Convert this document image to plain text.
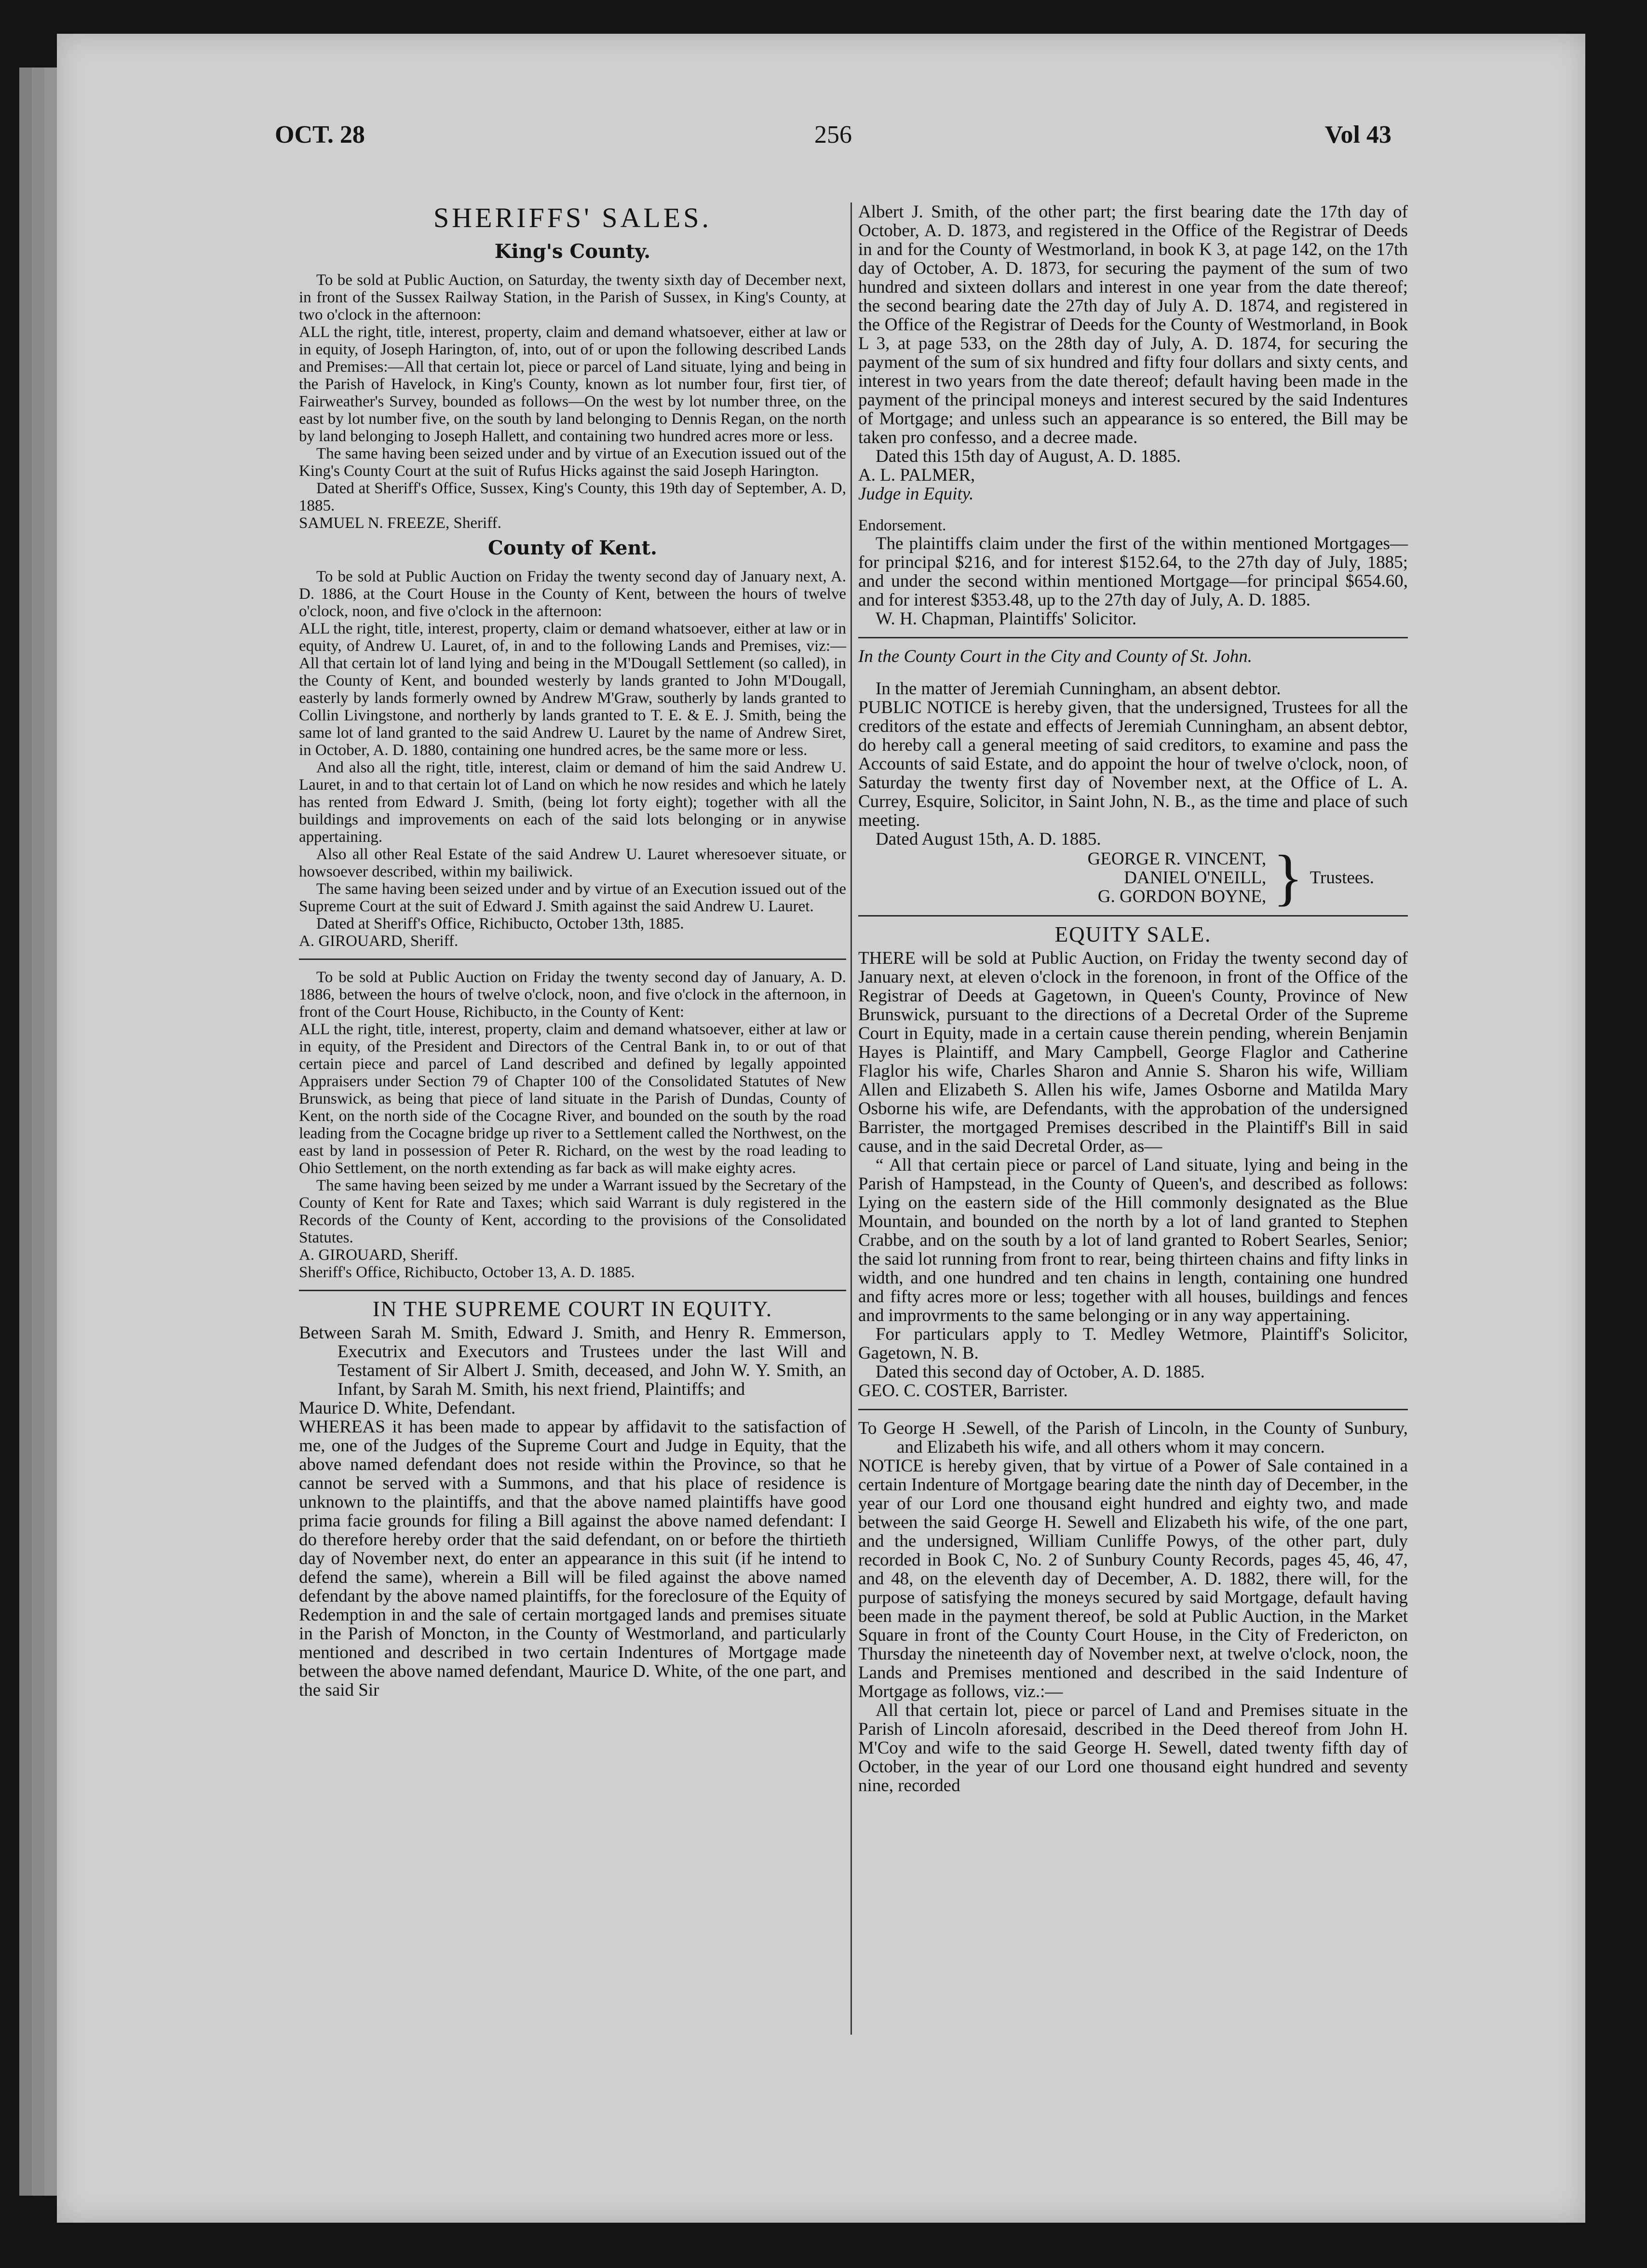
OCT. 28	256	Vol 43
SHERIFFS' SALES.
King's County.

To be sold at Public Auction, on Saturday, the twenty sixth day of December next, in front of the Sussex Railway Station, in the Parish of Sussex, in King's County, at two o'clock in the afternoon:

ALL the right, title, interest, property, claim and demand whatsoever, either at law or in equity, of Joseph Harington, of, into, out of or upon the following described Lands and Premises:—All that certain lot, piece or parcel of Land situate, lying and being in the Parish of Havelock, in King's County, known as lot number four, first tier, of Fairweather's Survey, bounded as follows—On the west by lot number three, on the east by lot number five, on the south by land belonging to Dennis Regan, on the north by land belonging to Joseph Hallett, and containing two hundred acres more or less.

The same having been seized under and by virtue of an Execution issued out of the King's County Court at the suit of Rufus Hicks against the said Joseph Harington.

Dated at Sheriff's Office, Sussex, King's County, this 19th day of September, A. D, 1885.

SAMUEL N. FREEZE, Sheriff.

County of Kent.

To be sold at Public Auction on Friday the twenty second day of January next, A. D. 1886, at the Court House in the County of Kent, between the hours of twelve o'clock, noon, and five o'clock in the afternoon:

ALL the right, title, interest, property, claim or demand whatsoever, either at law or in equity, of Andrew U. Lauret, of, in and to the following Lands and Premises, viz:—All that certain lot of land lying and being in the M'Dougall Settlement (so called), in the County of Kent, and bounded westerly by lands granted to John M'Dougall, easterly by lands formerly owned by Andrew M'Graw, southerly by lands granted to Collin Livingstone, and northerly by lands granted to T. E. & E. J. Smith, being the same lot of land granted to the said Andrew U. Lauret by the name of Andrew Siret, in October, A. D. 1880, containing one hundred acres, be the same more or less.

And also all the right, title, interest, claim or demand of him the said Andrew U. Lauret, in and to that certain lot of Land on which he now resides and which he lately has rented from Edward J. Smith, (being lot forty eight); together with all the buildings and improvements on each of the said lots belonging or in anywise appertaining.

Also all other Real Estate of the said Andrew U. Lauret wheresoever situate, or howsoever described, within my bailiwick.

The same having been seized under and by virtue of an Execution issued out of the Supreme Court at the suit of Edward J. Smith against the said Andrew U. Lauret.

Dated at Sheriff's Office, Richibucto, October 13th, 1885.

A. GIROUARD, Sheriff.

To be sold at Public Auction on Friday the twenty second day of January, A. D. 1886, between the hours of twelve o'clock, noon, and five o'clock in the afternoon, in front of the Court House, Richibucto, in the County of Kent:

ALL the right, title, interest, property, claim and demand whatsoever, either at law or in equity, of the President and Directors of the Central Bank in, to or out of that certain piece and parcel of Land described and defined by legally appointed Appraisers under Section 79 of Chapter 100 of the Consolidated Statutes of New Brunswick, as being that piece of land situate in the Parish of Dundas, County of Kent, on the north side of the Cocagne River, and bounded on the south by the road leading from the Cocagne bridge up river to a Settlement called the Northwest, on the east by land in possession of Peter R. Richard, on the west by the road leading to Ohio Settlement, on the north extending as far back as will make eighty acres.

The same having been seized by me under a Warrant issued by the Secretary of the County of Kent for Rate and Taxes; which said Warrant is duly registered in the Records of the County of Kent, according to the provisions of the Consolidated Statutes.

A. GIROUARD, Sheriff.

Sheriff's Office, Richibucto, October 13, A. D. 1885.

IN THE SUPREME COURT IN EQUITY.

Between Sarah M. Smith, Edward J. Smith, and Henry R. Emmerson, Executrix and Executors and Trustees under the last Will and Testament of Sir Albert J. Smith, deceased, and John W. Y. Smith, an Infant, by Sarah M. Smith, his next friend, Plaintiffs; and

Maurice D. White, Defendant.

WHEREAS it has been made to appear by affidavit to the satisfaction of me, one of the Judges of the Supreme Court and Judge in Equity, that the above named defendant does not reside within the Province, so that he cannot be served with a Summons, and that his place of residence is unknown to the plaintiffs, and that the above named plaintiffs have good prima facie grounds for filing a Bill against the above named defendant: I do therefore hereby order that the said defendant, on or before the thirtieth day of November next, do enter an appearance in this suit (if he intend to defend the same), wherein a Bill will be filed against the above named defendant by the above named plaintiffs, for the foreclosure of the Equity of Redemption in and the sale of certain mortgaged lands and premises situate in the Parish of Moncton, in the County of Westmorland, and particularly mentioned and described in two certain Indentures of Mortgage made between the above named defendant, Maurice D. White, of the one part, and the said Sir

Albert J. Smith, of the other part; the first bearing date the 17th day of October, A. D. 1873, and registered in the Office of the Registrar of Deeds in and for the County of Westmorland, in book K 3, at page 142, on the 17th day of October, A. D. 1873, for securing the payment of the sum of two hundred and sixteen dollars and interest in one year from the date thereof; the second bearing date the 27th day of July A. D. 1874, and registered in the Office of the Registrar of Deeds for the County of Westmorland, in Book L 3, at page 533, on the 28th day of July, A. D. 1874, for securing the payment of the sum of six hundred and fifty four dollars and sixty cents, and interest in two years from the date thereof; default having been made in the payment of the principal moneys and interest secured by the said Indentures of Mortgage; and unless such an appearance is so entered, the Bill may be taken pro confesso, and a decree made.

Dated this 15th day of August, A. D. 1885.

A. L. PALMER,

Judge in Equity.

Endorsement.

The plaintiffs claim under the first of the within mentioned Mortgages—for principal $216, and for interest $152.64, to the 27th day of July, 1885; and under the second within mentioned Mortgage—for principal $654.60, and for interest $353.48, up to the 27th day of July, A. D. 1885.

W. H. Chapman, Plaintiffs' Solicitor.

In the County Court in the City and County of St. John.

In the matter of Jeremiah Cunningham, an absent debtor.

PUBLIC NOTICE is hereby given, that the undersigned, Trustees for all the creditors of the estate and effects of Jeremiah Cunningham, an absent debtor, do hereby call a general meeting of said creditors, to examine and pass the Accounts of said Estate, and do appoint the hour of twelve o'clock, noon, of Saturday the twenty first day of November next, at the Office of L. A. Currey, Esquire, Solicitor, in Saint John, N. B., as the time and place of such meeting.

Dated August 15th, A. D. 1885.

GEORGE R. VINCENT,
DANIEL O'NEILL,
G. GORDON BOYNE, } Trustees.
EQUITY SALE.

THERE will be sold at Public Auction, on Friday the twenty second day of January next, at eleven o'clock in the forenoon, in front of the Office of the Registrar of Deeds at Gagetown, in Queen's County, Province of New Brunswick, pursuant to the directions of a Decretal Order of the Supreme Court in Equity, made in a certain cause therein pending, wherein Benjamin Hayes is Plaintiff, and Mary Campbell, George Flaglor and Catherine Flaglor his wife, Charles Sharon and Annie S. Sharon his wife, William Allen and Elizabeth S. Allen his wife, James Osborne and Matilda Mary Osborne his wife, are Defendants, with the approbation of the undersigned Barrister, the mortgaged Premises described in the Plaintiff's Bill in said cause, and in the said Decretal Order, as—

“ All that certain piece or parcel of Land situate, lying and being in the Parish of Hampstead, in the County of Queen's, and described as follows: Lying on the eastern side of the Hill commonly designated as the Blue Mountain, and bounded on the north by a lot of land granted to Stephen Crabbe, and on the south by a lot of land granted to Robert Searles, Senior; the said lot running from front to rear, being thirteen chains and fifty links in width, and one hundred and ten chains in length, containing one hundred and fifty acres more or less; together with all houses, buildings and fences and improvrments to the same belonging or in any way appertaining.

For particulars apply to T. Medley Wetmore, Plaintiff's Solicitor, Gagetown, N. B.

Dated this second day of October, A. D. 1885.

GEO. C. COSTER, Barrister.

To George H .Sewell, of the Parish of Lincoln, in the County of Sunbury, and Elizabeth his wife, and all others whom it may concern.

NOTICE is hereby given, that by virtue of a Power of Sale contained in a certain Indenture of Mortgage bearing date the ninth day of December, in the year of our Lord one thousand eight hundred and eighty two, and made between the said George H. Sewell and Elizabeth his wife, of the one part, and the undersigned, William Cunliffe Powys, of the other part, duly recorded in Book C, No. 2 of Sunbury County Records, pages 45, 46, 47, and 48, on the eleventh day of December, A. D. 1882, there will, for the purpose of satisfying the moneys secured by said Mortgage, default having been made in the payment thereof, be sold at Public Auction, in the Market Square in front of the County Court House, in the City of Fredericton, on Thursday the nineteenth day of November next, at twelve o'clock, noon, the Lands and Premises mentioned and described in the said Indenture of Mortgage as follows, viz.:—

All that certain lot, piece or parcel of Land and Premises situate in the Parish of Lincoln aforesaid, described in the Deed thereof from John H. M'Coy and wife to the said George H. Sewell, dated twenty fifth day of October, in the year of our Lord one thousand eight hundred and seventy nine, recorded
